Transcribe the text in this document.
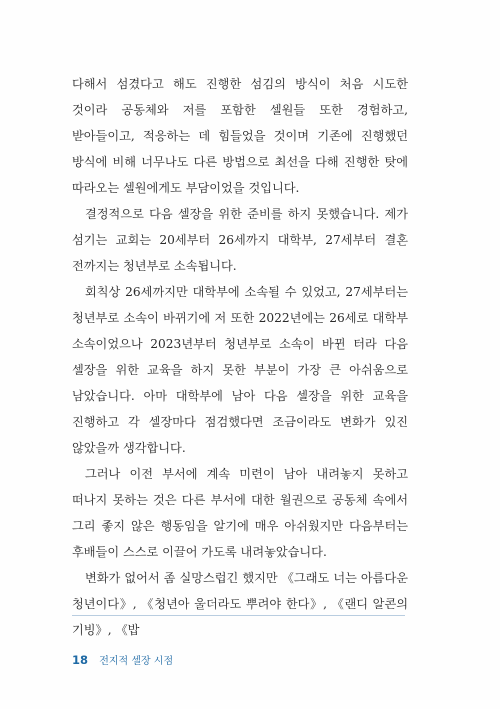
다해서 섬겼다고 해도 진행한 섬김의 방식이 처음 시도한 것이라 공동체와 저를 포함한 셀원들 또한 경험하고, 받아들이고, 적응하는 데 힘들었을 것이며 기존에 진행했던 방식에 비해 너무나도 다른 방법으로 최선을 다해 진행한 탓에 따라오는 셀원에게도 부담이었을 것입니다.

결정적으로 다음 셀장을 위한 준비를 하지 못했습니다. 제가 섬기는 교회는 20세부터 26세까지 대학부, 27세부터 결혼 전까지는 청년부로 소속됩니다.

회칙상 26세까지만 대학부에 소속될 수 있었고, 27세부터는 청년부로 소속이 바뀌기에 저 또한 2022년에는 26세로 대학부 소속이었으나 2023년부터 청년부로 소속이 바뀐 터라 다음 셀장을 위한 교육을 하지 못한 부분이 가장 큰 아쉬움으로 남았습니다. 아마 대학부에 남아 다음 셀장을 위한 교육을 진행하고 각 셀장마다 점검했다면 조금이라도 변화가 있진 않았을까 생각합니다.

그러나 이전 부서에 계속 미련이 남아 내려놓지 못하고 떠나지 못하는 것은 다른 부서에 대한 월권으로 공동체 속에서 그리 좋지 않은 행동임을 알기에 매우 아쉬웠지만 다음부터는 후배들이 스스로 이끌어 가도록 내려놓았습니다.

변화가 없어서 좀 실망스럽긴 했지만 《그래도 너는 아름다운 청년이다》, 《청년아 울더라도 뿌려야 한다》, 《랜디 알콘의 기빙》, 《밥

18 전지적 셀장 시점
